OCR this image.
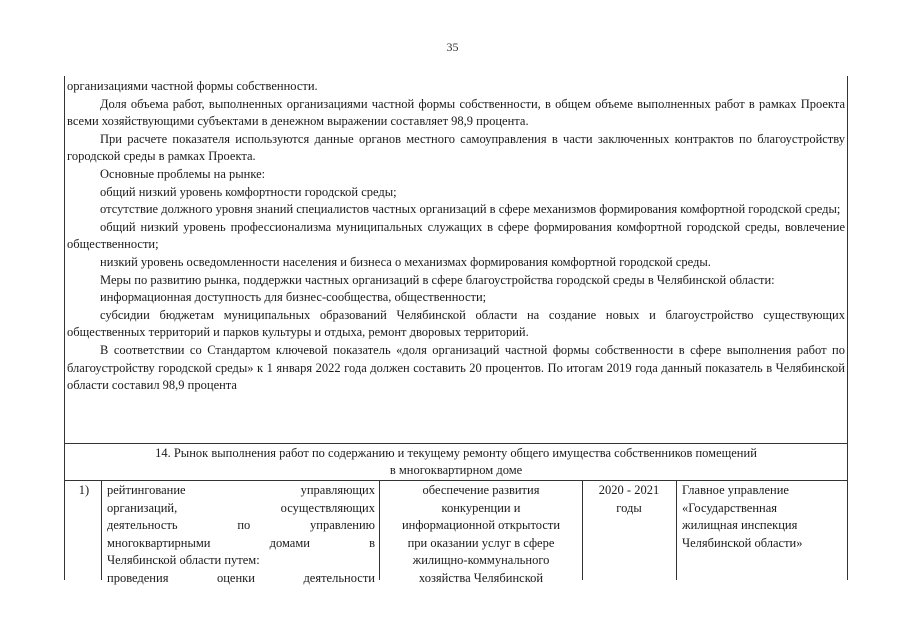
35

организациями частной формы собственности.

Доля объема работ, выполненных организациями частной формы собственности, в общем объеме выполненных работ в рамках Проекта всеми хозяйствующими субъектами в денежном выражении составляет 98,9 процента.

При расчете показателя используются данные органов местного самоуправления в части заключенных контрактов по благоустройству городской среды в рамках Проекта.

Основные проблемы на рынке:

общий низкий уровень комфортности городской среды;

отсутствие должного уровня знаний специалистов частных организаций в сфере механизмов формирования комфортной городской среды;

общий низкий уровень профессионализма муниципальных служащих в сфере формирования комфортной городской среды, вовлечение общественности;

низкий уровень осведомленности населения и бизнеса о механизмах формирования комфортной городской среды.

Меры по развитию рынка, поддержки частных организаций в сфере благоустройства городской среды в Челябинской области:

информационная доступность для бизнес-сообщества, общественности;

субсидии бюджетам муниципальных образований Челябинской области на создание новых и благоустройство существующих общественных территорий и парков культуры и отдыха, ремонт дворовых территорий.

В соответствии со Стандартом ключевой показатель «доля организаций частной формы собственности в сфере выполнения работ по благоустройству городской среды» к 1 января 2022 года должен составить 20 процентов. По итогам 2019 года данный показатель в Челябинской области составил 98,9 процента

14. Рынок выполнения работ по содержанию и текущему ремонту общего имущества собственников помещений
в многоквартирном доме
1)	рейтингование управляющих
организаций, осуществляющих
деятельность по управлению
многоквартирными домами в
Челябинской области путем:
проведения оценки деятельности
обеспечение развития
конкуренции и
информационной открытости
при оказании услуг в сфере
жилищно-коммунального
хозяйства Челябинской
2020 - 2021
годы
Главное управление
«Государственная
жилищная инспекция
Челябинской области»
